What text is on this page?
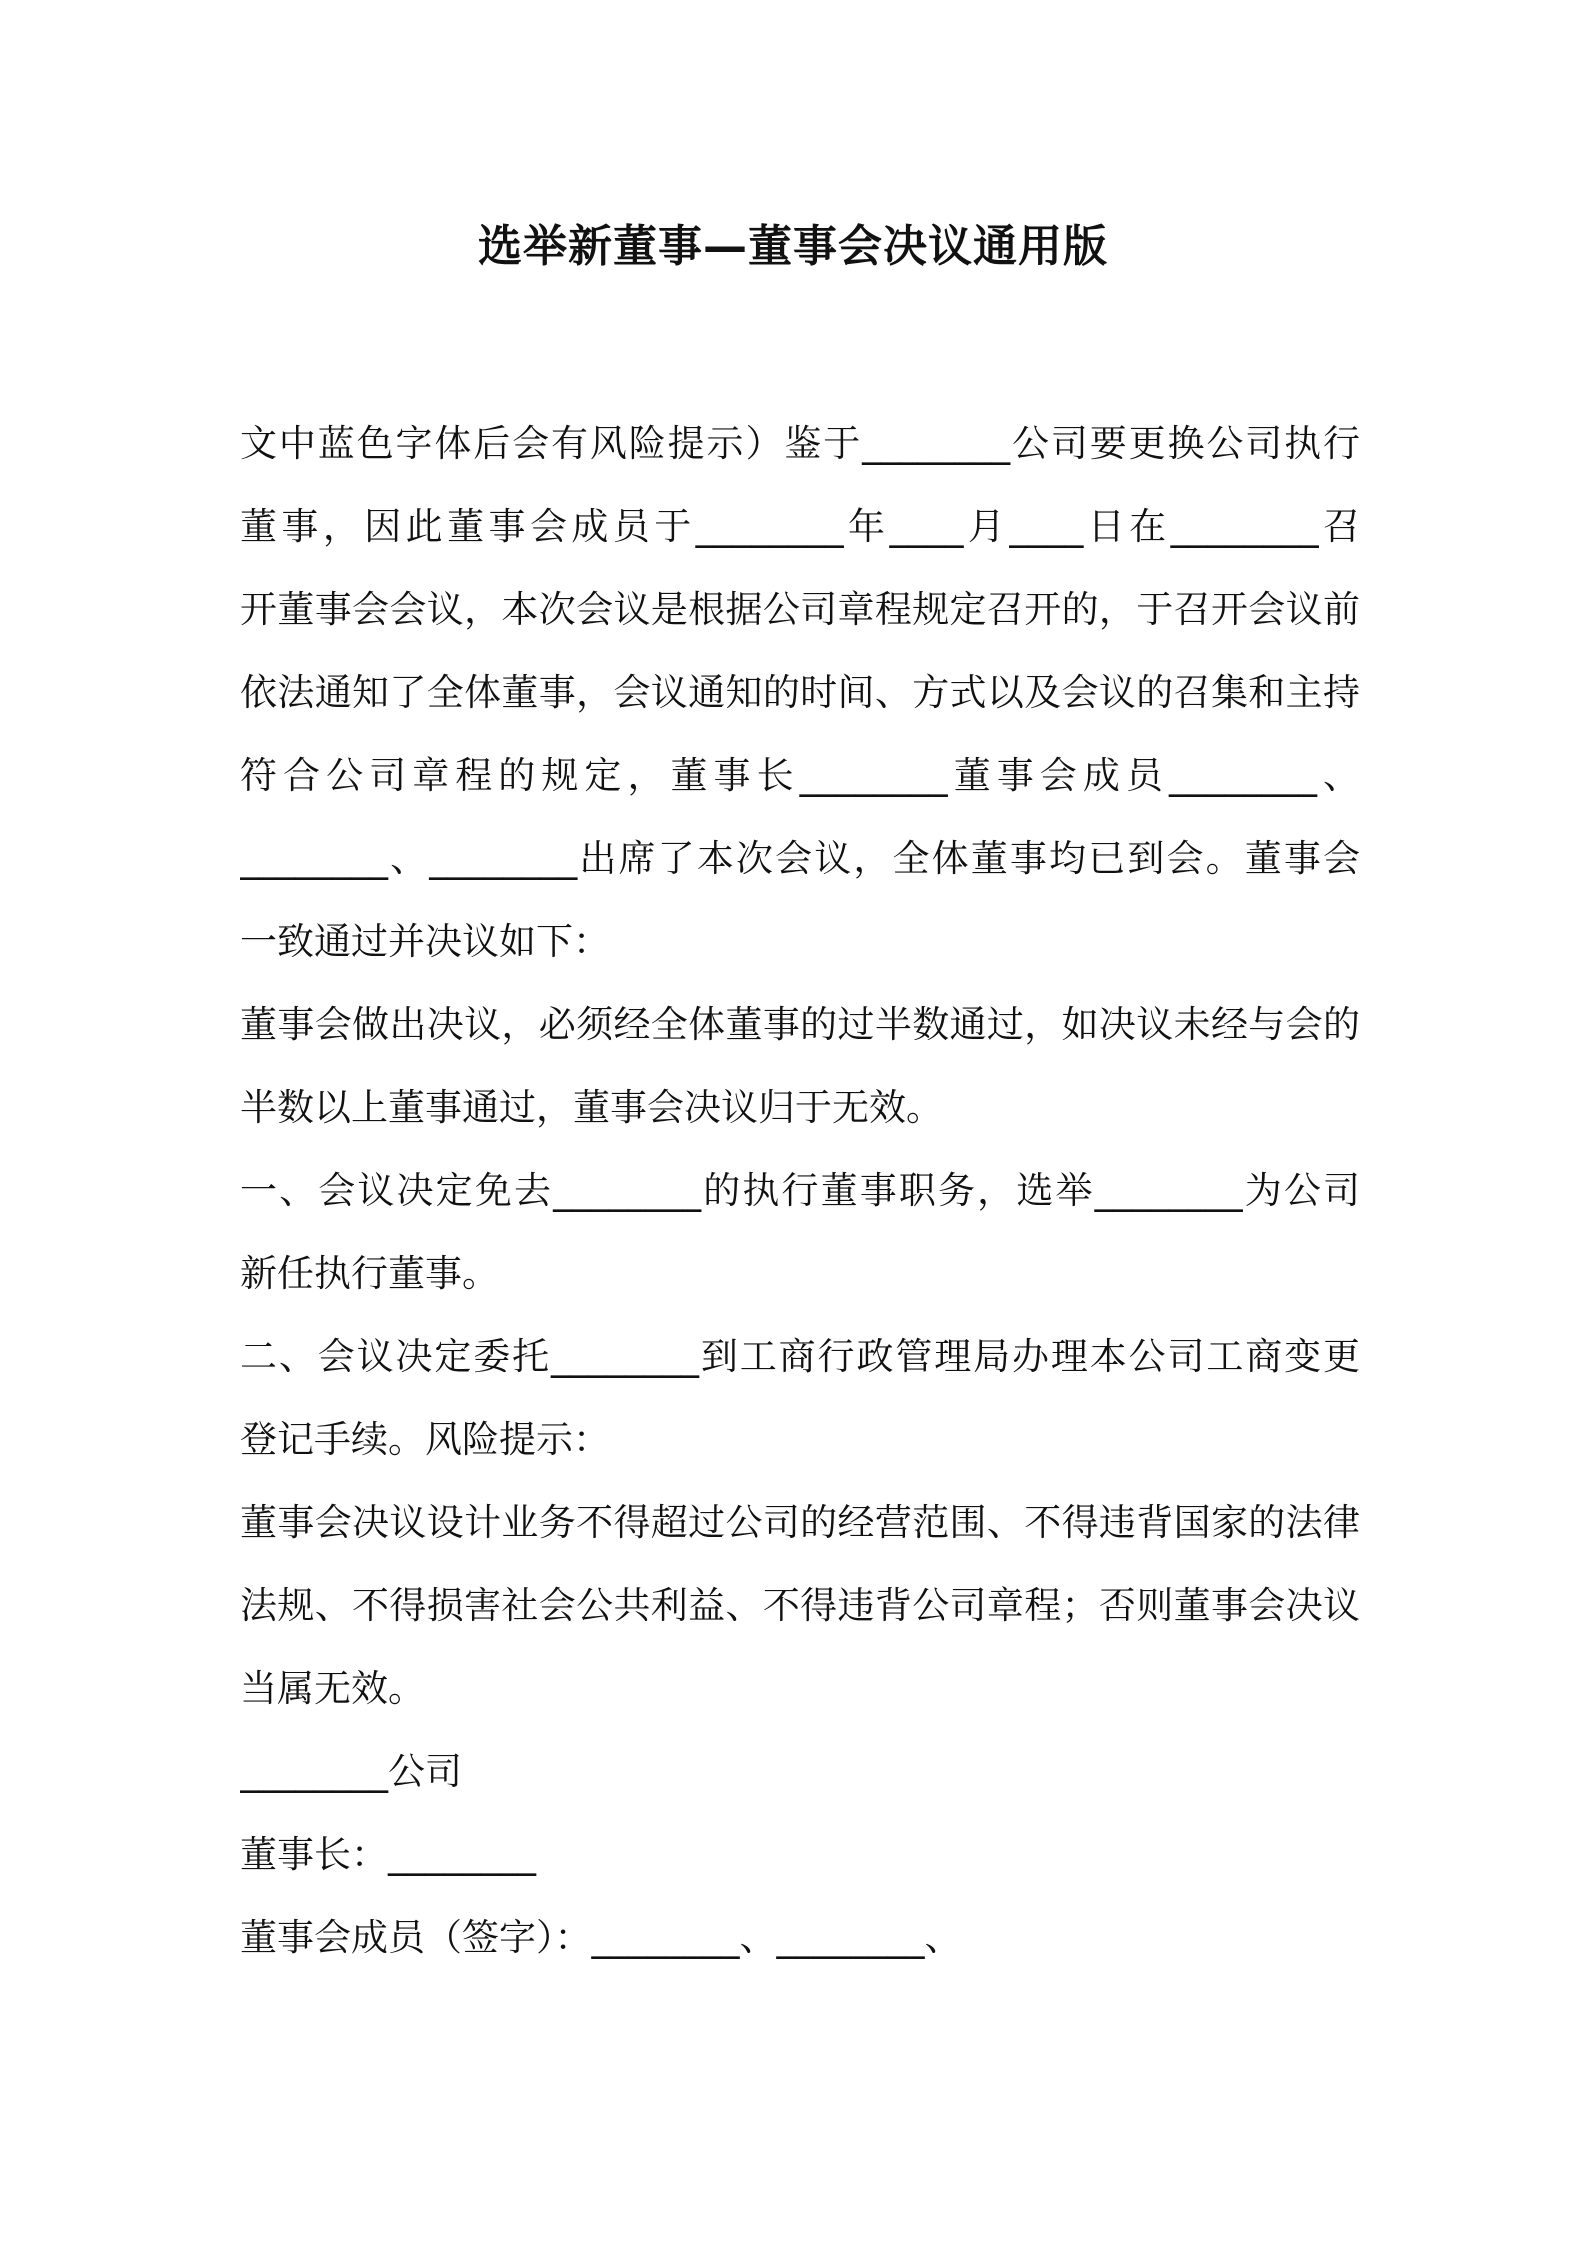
选举新董事—董事会决议通用版
文中蓝色字体后会有风险提示）鉴于________公司要更换公司执行
董事，因此董事会成员于________年____月____日在________召
开董事会会议，本次会议是根据公司章程规定召开的，于召开会议前
依法通知了全体董事，会议通知的时间、方式以及会议的召集和主持
符合公司章程的规定，董事长________董事会成员________、
________、________出席了本次会议，全体董事均已到会。董事会
一致通过并决议如下：
董事会做出决议，必须经全体董事的过半数通过，如决议未经与会的
半数以上董事通过，董事会决议归于无效。
一、会议决定免去________的执行董事职务，选举________为公司
新任执行董事。
二、会议决定委托________到工商行政管理局办理本公司工商变更
登记手续。风险提示：
董事会决议设计业务不得超过公司的经营范围、不得违背国家的法律
法规、不得损害社会公共利益、不得违背公司章程；否则董事会决议
当属无效。
________公司
董事长：________
董事会成员（签字）：________、________、
